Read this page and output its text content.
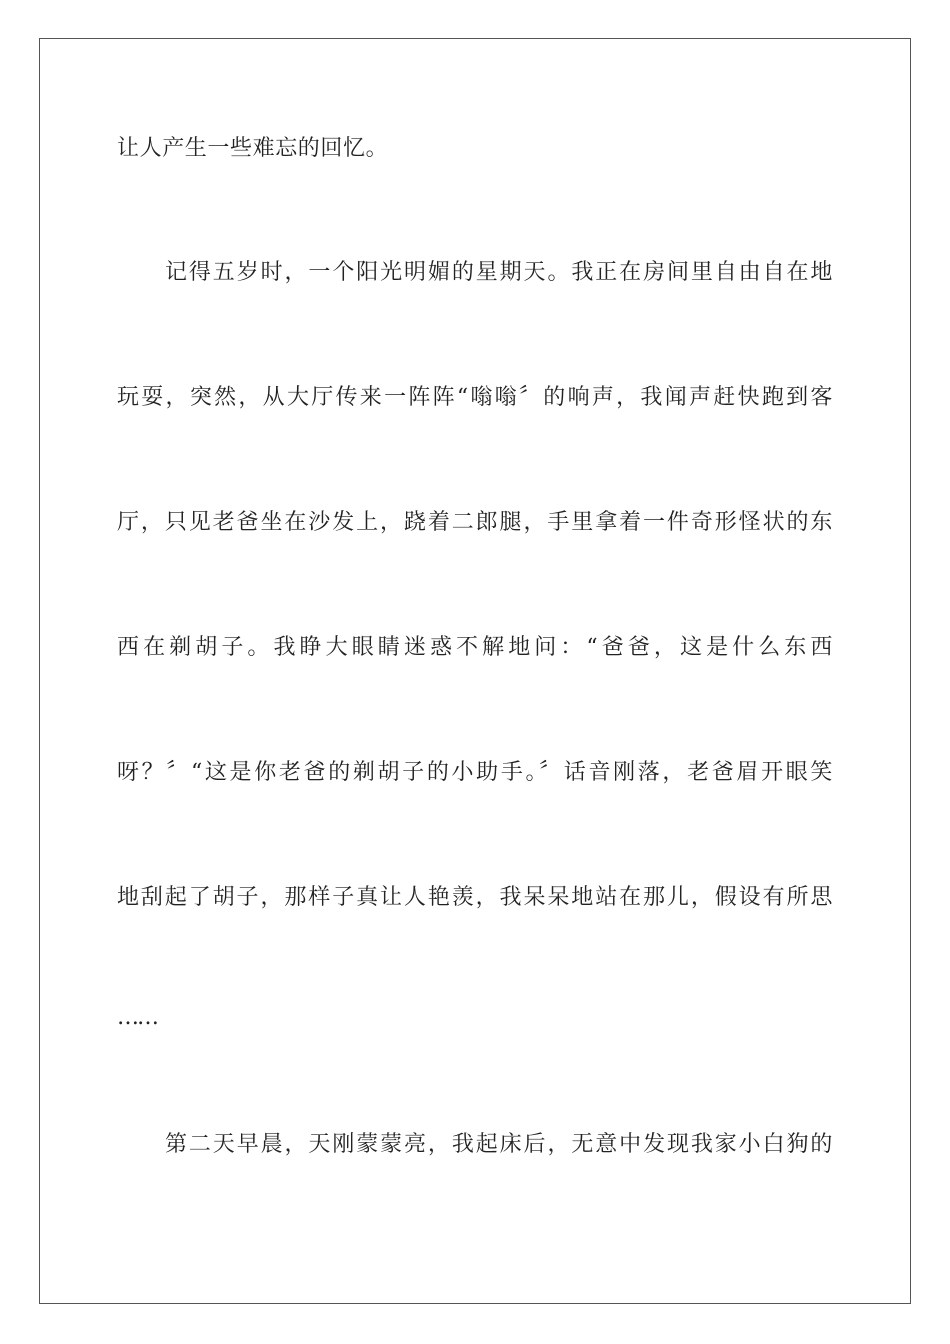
让人产生一些难忘的回忆。
记得五岁时，一个阳光明媚的星期天。我正在房间里自由自在地
玩耍，突然，从大厅传来一阵阵“嗡嗡〞的响声，我闻声赶快跑到客
厅，只见老爸坐在沙发上，跷着二郎腿，手里拿着一件奇形怪状的东
西在剃胡子。我睁大眼睛迷惑不解地问：“爸爸，这是什么东西
呀？〞“这是你老爸的剃胡子的小助手。〞话音刚落，老爸眉开眼笑
地刮起了胡子，那样子真让人艳羡，我呆呆地站在那儿，假设有所思
……
第二天早晨，天刚蒙蒙亮，我起床后，无意中发现我家小白狗的
